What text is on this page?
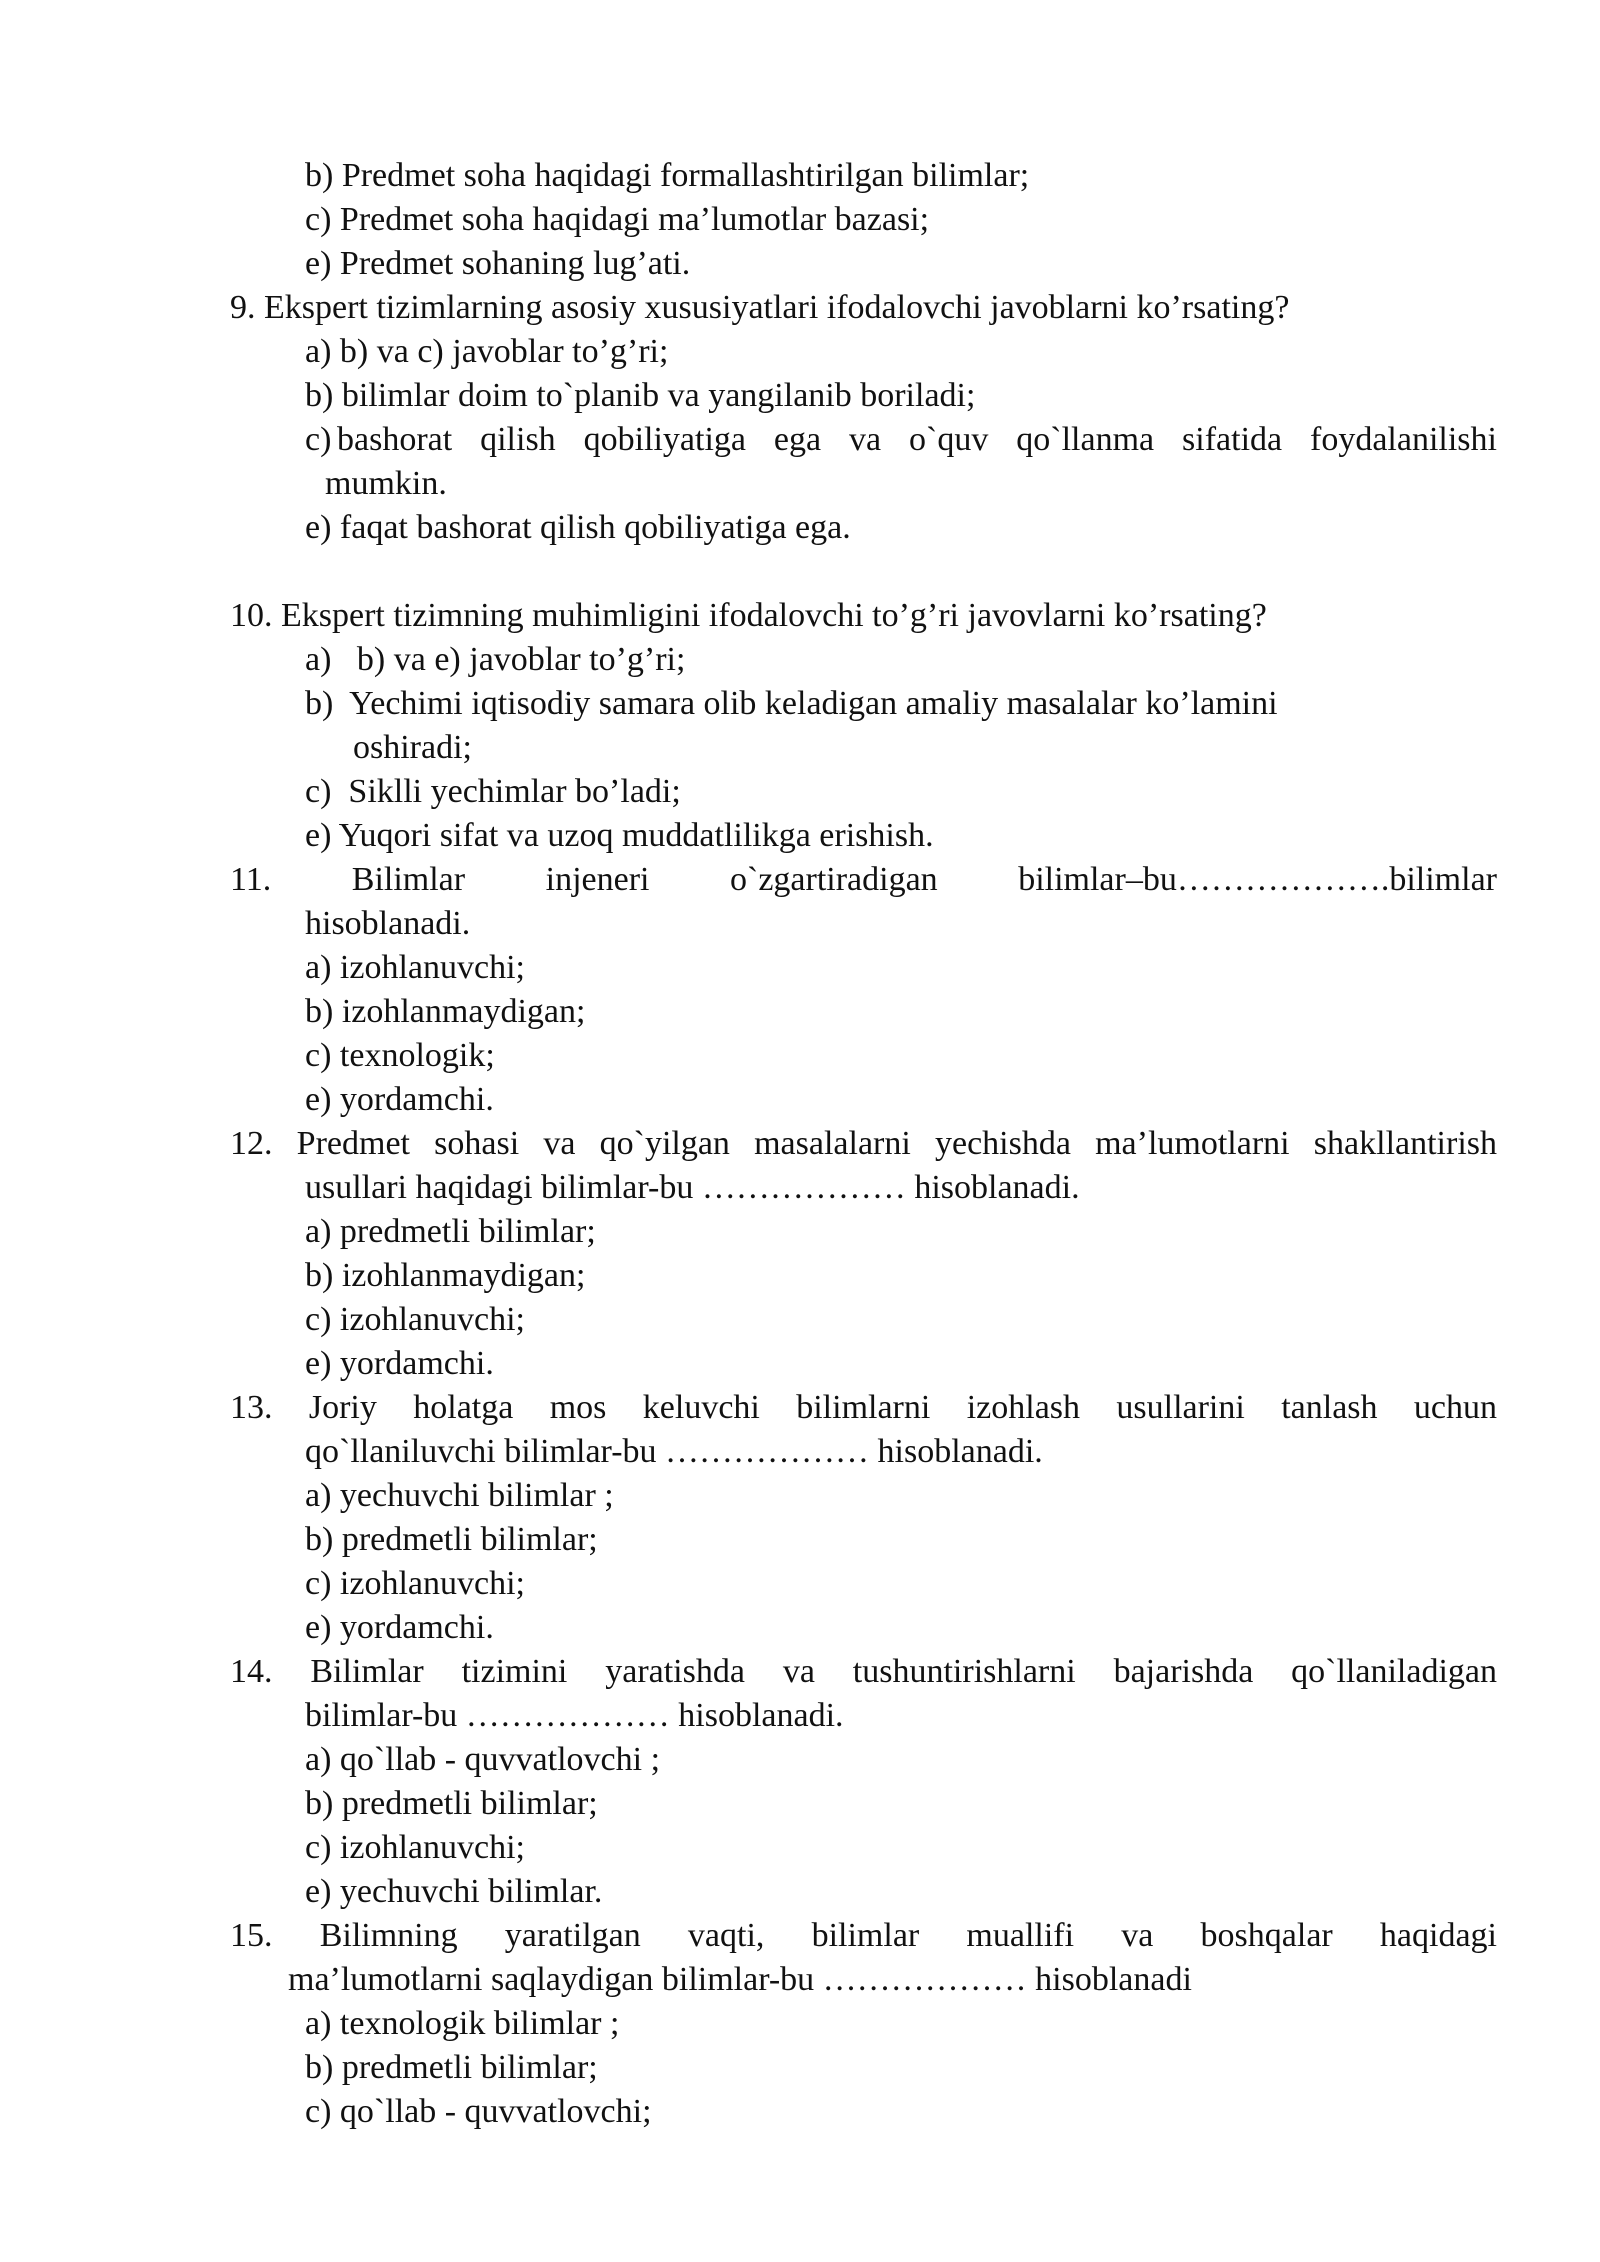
b) Predmet soha haqidagi formallashtirilgan bilimlar;
c) Predmet soha haqidagi ma’lumotlar bazasi;
e) Predmet sohaning lug’ati.
9. Ekspert tizimlarning asosiy xususiyatlari ifodalovchi javoblarni ko’rsating?
a) b) va c) javoblar to’g’ri;
b) bilimlar doim to`planib va yangilanib boriladi;
c) bashorat qilish qobiliyatiga ega va o`quv qo`llanma sifatida foydalanilishi
mumkin.
e) faqat bashorat qilish qobiliyatiga ega.
10. Ekspert tizimning muhimligini ifodalovchi to’g’ri javovlarni ko’rsating?
a) b) va e) javoblar to’g’ri;
b) Yechimi iqtisodiy samara olib keladigan amaliy masalalar ko’lamini
oshiradi;
c) Siklli yechimlar bo’ladi;
e) Yuqori sifat va uzoq muddatlilikga erishish.
11. Bilimlar injeneri o`zgartiradigan bilimlar–bu……………….bilimlar
hisoblanadi.
a) izohlanuvchi;
b) izohlanmaydigan;
c) texnologik;
e) yordamchi.
12. Predmet sohasi va qo`yilgan masalalarni yechishda ma’lumotlarni shakllantirish
usullari haqidagi bilimlar-bu ……………… hisoblanadi.
a) predmetli bilimlar;
b) izohlanmaydigan;
c) izohlanuvchi;
e) yordamchi.
13. Joriy holatga mos keluvchi bilimlarni izohlash usullarini tanlash uchun
qo`llaniluvchi bilimlar-bu ……………… hisoblanadi.
a) yechuvchi bilimlar ;
b) predmetli bilimlar;
c) izohlanuvchi;
e) yordamchi.
14. Bilimlar tizimini yaratishda va tushuntirishlarni bajarishda qo`llaniladigan
bilimlar-bu ……………… hisoblanadi.
a) qo`llab - quvvatlovchi ;
b) predmetli bilimlar;
c) izohlanuvchi;
e) yechuvchi bilimlar.
15. Bilimning yaratilgan vaqti, bilimlar muallifi va boshqalar haqidagi
ma’lumotlarni saqlaydigan bilimlar-bu ……………… hisoblanadi
a) texnologik bilimlar ;
b) predmetli bilimlar;
c) qo`llab - quvvatlovchi;
